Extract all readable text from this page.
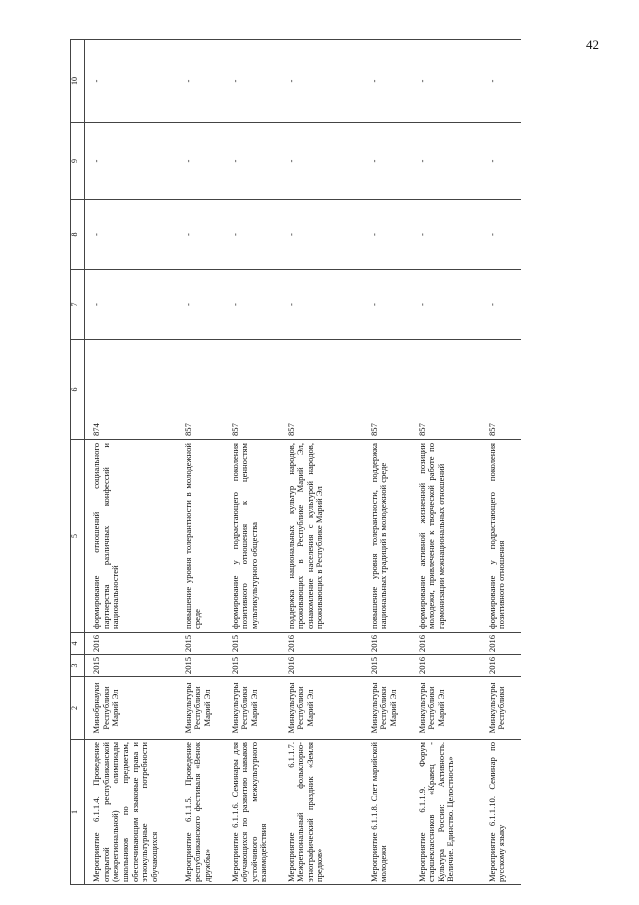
42
1	2	3	4	5	6	7	8	9	10
Мероприятие 6.1.1.4. Проведение открытой республиканской (межрегиональной) олимпиады школьников по предметам, обеспечивающим языковые права и этнокультурные потребности обучающихся	Минобрнауки Республики Марий Эл	2015	2016	формирование отношений социального партнерства различных конфессий и национальностей	874	-	-	-	-
Мероприятие 6.1.1.5. Проведение республиканского фестиваля «Венок дружбы»	Минкультуры Республики Марий Эл	2015	2015	повышение уровня толерантности в молодежной среде	857	-	-	-	-
Мероприятие 6.1.1.6. Семинары для обучающихся по развитию навыков устойчивого межкультурного взаимодействия	Минкультуры Республики Марий Эл	2015	2015	формирование у подрастающего поколения позитивного отношения к ценностям мультикультурного общества	857	-	-	-	-
Мероприятие 6.1.1.7. Межрегиональный фольклорно-этнографический праздник «Земля предков»	Минкультуры Республики Марий Эл	2016	2016	поддержка национальных культур народов, проживающих в Республике Марий Эл, ознакомление населения с культурой народов, проживающих в Республике Марий Эл	857	-	-	-	-
Мероприятие 6.1.1.8. Слет марийской молодежи	Минкультуры Республики Марий Эл	2015	2016	повышение уровня толерантности, поддержка национальных традиций в молодежной среде	857	-	-	-	-
Мероприятие 6.1.1.9. Форум старшеклассников «Кравец - Культура России: Активность. Величие. Единство. Целостность»	Минкультуры Республики Марий Эл	2016	2016	формирование активной жизненной позиции молодежи, привлечение к творческой работе по гармонизации межнациональных отношений	857	-	-	-	-
Мероприятие 6.1.1.10. Семинар по русскому языку	Минкультуры Республики	2016	2016	формирование у подрастающего поколения позитивного отношения	857	-	-	-	-
